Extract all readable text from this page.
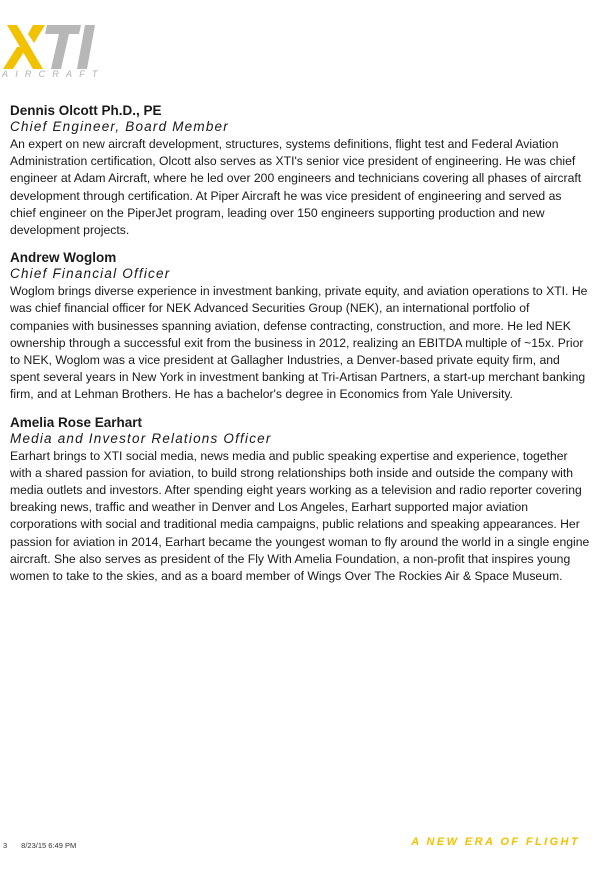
AIRCRAFT

Dennis Olcott Ph.D., PE

Chief Engineer, Board Member

An expert on new aircraft development, structures, systems definitions, flight test and Federal Aviation Administration certification, Olcott also serves as XTI's senior vice president of engineering. He was chief engineer at Adam Aircraft, where he led over 200 engineers and technicians covering all phases of aircraft development through certification. At Piper Aircraft he was vice president of engineering and served as chief engineer on the PiperJet program, leading over 150 engineers supporting production and new development projects.

Andrew Woglom

Chief Financial Officer

Woglom brings diverse experience in investment banking, private equity, and aviation operations to XTI. He was chief financial officer for NEK Advanced Securities Group (NEK), an international portfolio of companies with businesses spanning aviation, defense contracting, construction, and more. He led NEK ownership through a successful exit from the business in 2012, realizing an EBITDA multiple of ~15x. Prior to NEK, Woglom was a vice president at Gallagher Industries, a Denver-based private equity firm, and spent several years in New York in investment banking at Tri-Artisan Partners, a start-up merchant banking firm, and at Lehman Brothers. He has a bachelor's degree in Economics from Yale University.

Amelia Rose Earhart

Media and Investor Relations Officer

Earhart brings to XTI social media, news media and public speaking expertise and experience, together with a shared passion for aviation, to build strong relationships both inside and outside the company with media outlets and investors. After spending eight years working as a television and radio reporter covering breaking news, traffic and weather in Denver and Los Angeles, Earhart supported major aviation corporations with social and traditional media campaigns, public relations and speaking appearances. Her passion for aviation in 2014, Earhart became the youngest woman to fly around the world in a single engine aircraft. She also serves as president of the Fly With Amelia Foundation, a non-profit that inspires young women to take to the skies, and as a board member of Wings Over The Rockies Air & Space Museum.

3 8/23/15 6:49 PM	A NEW ERA OF FLIGHT
